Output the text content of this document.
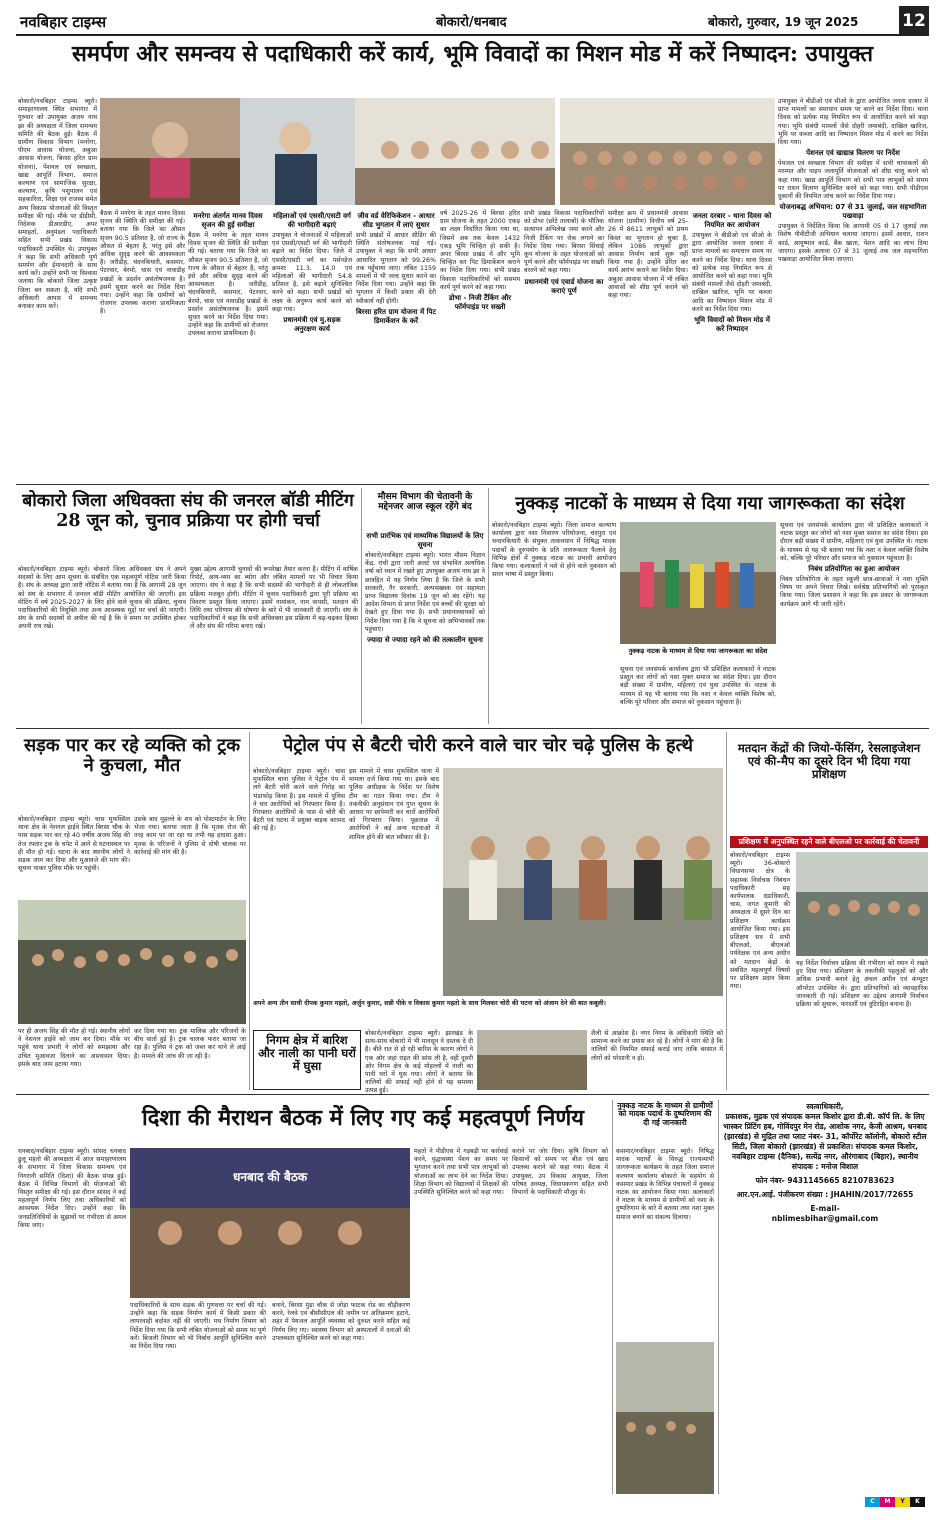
नवबिहार टाइम्स	बोकारो/धनबाद	बोकारो, गुरुवार, 19 जून 2025	12
समर्पण और समन्वय से पदाधिकारी करें कार्य, भूमि विवादों का मिशन मोड में करें निष्पादन: उपायुक्त

बोकारो/नवबिहार टाइम्स ब्यूरो। समाहरणालय स्थित सभागार में गुरुवार को उपायुक्त अजय नाथ झा की अध्यक्षता में जिला समन्वय समिति की बैठक हुई। बैठक में ग्रामीण विकास विभाग (मनरेगा, पीएम आवास योजना, अबुआ आवास योजना, बिरसा हरित ग्राम योजना), पेंशनल एवं स्वच्छता, खाद्य आपूर्ति विभाग, समाज कल्याण एवं सामाजिक सुरक्षा, कल्याण, कृषि पशुपालन एवं सहकारिता, शिक्षा एवं राजस्व समेत अन्य विकास योजनाओं की विस्तृत समीक्षा की गई। मौके पर डीडीसी, निदेशक डीआरडीए, अपर समाहर्ता, अनुमंडल पदाधिकारी सहित सभी प्रखंड विकास पदाधिकारी उपस्थित थे। उपायुक्त ने कहा कि सभी अधिकारी पूर्ण समर्पण और ईमानदारी के साथ कार्य करें। उन्होंने सभी पर विश्वास जताया कि बोकारो जिला उत्कृष्ट जिला बन सकता है, यदि सभी अधिकारी आपस में समन्वय बनाकर काम करें।

बैठक में मनरेगा के तहत मानव दिवस सृजन की स्थिति की समीक्षा की गई। बताया गया कि जिले का औसत सृजन 90.5 प्रतिशत है, जो राज्य के औसत से बेहतर है, परंतु इसे और अधिक सुदृढ़ करने की आवश्यकता है। जरीडीह, चंदनकियारी, कसमार, पेटरवार, बेरमो, चास एवं नावाडीह प्रखंडों के प्रदर्शन असंतोषजनक है। इसमें सुधार करने का निर्देश दिया गया। उन्होंने कहा कि ग्रामीणों को रोजगार उपलब्ध कराना प्राथमिकता है।

मनरेगा अंतर्गत मानव दिवस सृजन की हुई समीक्षा

बैठक में मनरेगा के तहत मानव दिवस सृजन की स्थिति की समीक्षा की गई। बताया गया कि जिले का औसत सृजन 90.5 प्रतिशत है, जो राज्य के औसत से बेहतर है, परंतु इसे और अधिक सुदृढ़ करने की आवश्यकता है। जरीडीह, चंदनकियारी, कसमार, पेटरवार, बेरमो, चास एवं नावाडीह प्रखंडों के प्रदर्शन असंतोषजनक है। इसमें सुधार करने का निर्देश दिया गया। उन्होंने कहा कि ग्रामीणों को रोजगार उपलब्ध कराना प्राथमिकता है।

महिलाओं एवं एससी/एसटी वर्ग की भागीदारी बढ़ाएं

उपायुक्त ने योजनाओं में महिलाओं एवं एससी/एसटी वर्ग की भागीदारी बढ़ाने का निर्देश दिया। जिले में एससी/एसटी वर्ग का पर्सनडेज क्रमशः 11.3, 14.0 एवं महिलाओं की भागीदारी 54.8 प्रतिशत है, इसे बढ़ाने सुनिश्चित करने को कहा। सभी प्रखंडों को लक्ष्य के अनुरूप कार्य करने को कहा गया।

प्रधानमंत्री एवं मु.सड़क अनुरक्षण कार्य

जीव वर्ड वेरिफिकेशन - आधार सीड भुगतान में लाएं सुधार

सभी प्रखंडों में आधार सीडिंग की स्थिति संतोषजनक पाई गई। उपायुक्त ने कहा कि सभी आधार आधारित भुगतान को 99.26% तक पहुँचाया जाए। लंबित 1159 मामलों में भी जल्द सुधार करने का निर्देश दिया गया। उन्होंने कहा कि भुगतान में किसी प्रकार की देरी स्वीकार्य नहीं होगी।

बिरसा हरित ग्राम योजना में पिट डिमार्केशन के करें

वर्ष 2025-26 में बिरसा हरित ग्राम योजना के तहत 2000 एकड़ का लक्ष्य निर्धारित किया गया था, जिसमें अब तक केवल 1432 एकड़ भूमि चिन्हित हो सकी है। अपर बिरसा प्रखंड में और भूमि चिन्हित कर पिट डिमार्केशन कराने का निर्देश दिया गया। सभी प्रखंड विकास पदाधिकारियों को ससमय कार्य पूर्ण करने को कहा गया।

डोभा - निजी टैंकिंग और फॉर्मपाइंड पर सख्ती

सभी प्रखंड विकास पदाधिकारियों को डोभा (छोटे तालाबों) के भौतिक सत्यापन अभिलेख जमा करने और निजी टैंकिंग पर रोक लगाने का निर्देश दिया गया। बिरसा सिंचाई कूप योजना के तहत योजनाओं को पूर्ण करने और फॉर्मपाइंड पर सख्ती बरतने को कहा गया।

प्रधानमंत्री एवं एवार्ड योजना का कराएं पूर्ण

समीक्षा क्रम में प्रधानमंत्री आवास योजना (ग्रामीण) वित्तीय वर्ष 25-26 में 8611 लाभुकों को प्रथम किस्त का भुगतान हो चुका है, लेकिन 1086 लाभुकों द्वारा आवास निर्माण कार्य शुरू नहीं किया गया है। उन्होंने प्रेरित कर कार्य आरंभ कराने का निर्देश दिया। अबुआ आवास योजना में भी लंबित आवासों को शीघ्र पूर्ण कराने को कहा गया।

जनता दरबार - थाना दिवस को नियमित कर आयोजन

उपायुक्त ने बीडीओ एवं सीओ के द्वारा आयोजित जनता दरबार में प्राप्त मामलों का समाधान समय पर करने का निर्देश दिया। थाना दिवस को प्रत्येक माह नियमित रूप से आयोजित करने को कहा गया। भूमि संबंधी मामलों जैसे दोहरी जमाबंदी, दाखिल खारिज, भूमि पर कब्जा आदि का निष्पादन मिशन मोड में करने का निर्देश दिया गया।

भूमि विवादों को मिशन मोड में करें निष्पादन

उपायुक्त ने बीडीओ एवं सीओ के द्वारा आयोजित जनता दरबार में प्राप्त मामलों का समाधान समय पर करने का निर्देश दिया। थाना दिवस को प्रत्येक माह नियमित रूप से आयोजित करने को कहा गया। भूमि संबंधी मामलों जैसे दोहरी जमाबंदी, दाखिल खारिज, भूमि पर कब्जा आदि का निष्पादन मिशन मोड में करने का निर्देश दिया गया।

पेंशनल एवं खाद्यान्न वितरण पर निर्देश

पेयजल एवं स्वच्छता विभाग की समीक्षा में सभी चापाकलों की मरम्मत और पाइप जलापूर्ति योजनाओं को शीघ्र चालू करने को कहा गया। खाद्य आपूर्ति विभाग को सभी पात्र लाभुकों को समय पर राशन वितरण सुनिश्चित करने को कहा गया। सभी पीडीएस दुकानों की नियमित जांच करने का निर्देश दिया गया।

योजनाबद्ध अभियान: 07 से 31 जुलाई, जल सहभागिता पखवाड़ा

उपायुक्त ने निर्देशित किया कि आगामी 05 से 17 जुलाई तक विशेष पीवीटीजी अभियान चलाया जाएगा। इसमें आधार, राशन कार्ड, आयुष्मान कार्ड, बैंक खाता, पेंशन आदि का लाभ दिया जाएगा। इसके अलावा 07 से 31 जुलाई तक जल सहभागिता पखवाड़ा आयोजित किया जाएगा।

बोकारो जिला अधिवक्ता संघ की जनरल बॉडी मीटिंग 28 जून को, चुनाव प्रक्रिया पर होगी चर्चा

बोकारो/नवबिहार टाइम्स ब्यूरो। बोकारो जिला अधिवक्ता संघ ने अपने सदस्यों के लिए आम सूचना के संबंधित एक महत्वपूर्ण नोटिस जारी किया है। संघ के अध्यक्ष द्वारा जारी नोटिस में बताया गया है कि आगामी 28 जून को संघ के सभागार में जनरल बॉडी मीटिंग आयोजित की जाएगी। इस मीटिंग में वर्ष 2025-2027 के लिए होने वाले चुनाव की प्रक्रिया, चुनाव पदाधिकारियों की नियुक्ति तथा अन्य आवश्यक मुद्दों पर चर्चा की जाएगी। संघ के सभी सदस्यों से अपील की गई है कि वे समय पर उपस्थित होकर अपनी राय रखें।

मुख्य उद्देश्य आगामी चुनावों की रूपरेखा तैयार करना है। मीटिंग में वार्षिक रिपोर्ट, आय-व्यय का ब्योरा और लंबित मामलों पर भी विचार किया जाएगा। संघ ने कहा है कि सभी सदस्यों की भागीदारी से ही लोकतांत्रिक प्रक्रिया मजबूत होगी। मीटिंग में चुनाव पदाधिकारी द्वारा पूरी प्रक्रिया का विवरण प्रस्तुत किया जाएगा। इसमें नामांकन, नाम वापसी, मतदान की तिथि तथा परिणाम की घोषणा के बारे में भी जानकारी दी जाएगी। संघ के पदाधिकारियों ने कहा कि सभी अधिवक्ता इस प्रक्रिया में बढ़-चढ़कर हिस्सा लें और संघ की गरिमा बनाए रखें।

मौसम विभाग की चेतावनी के मद्देनजर आज स्कूल रहेंगे बंद

सभी प्रारंभिक एवं माध्यमिक विद्यालयों के लिए सूचना

बोकारो/नवबिहार टाइम्स ब्यूरो। भारत मौसम विज्ञान केंद्र, रांची द्वारा जारी अलर्ट एवं संभावित अत्यधिक वर्षा को ध्यान में रखते हुए उपायुक्त अजय नाथ झा ने छात्रहित में यह निर्णय लिया है कि जिले के सभी सरकारी, गैर सरकारी, अल्पसंख्यक एवं सहायता प्राप्त विद्यालय दिनांक 19 जून को बंद रहेंगे। यह आदेश विभाग से प्राप्त निर्देश एवं बच्चों की सुरक्षा को देखते हुए दिया गया है। सभी प्रधानाध्यापकों को निर्देश दिया गया है कि वे सूचना को अभिभावकों तक पहुंचाएं।

ज्यादा से ज्यादा रहने को की तत्कालीन सूचना

नुक्कड़ नाटकों के माध्यम से दिया गया जागरूकता का संदेश
नुक्कड़ नाटक के माध्यम से दिया गया जागरूकता का संदेश

बोकारो/नवबिहार टाइम्स ब्यूरो। जिला समाज कल्याण कार्यालय द्वारा नशा निवारण परियोजना, चंदपुरा एवं चन्दनकियारी के संयुक्त तत्वावधान में निषिद्ध मादक पदार्थों के दुरुपयोग के प्रति जागरूकता फैलाने हेतु विभिन्न क्षेत्रों में नुक्कड़ नाटक का प्रभावी आयोजन किया गया। कलाकारों ने नशे से होने वाले नुकसान को सरल भाषा में प्रस्तुत किया।

सूचना एवं जनसंपर्क कार्यालय द्वारा भी प्रशिक्षित कलाकारों ने नाटक प्रस्तुत कर लोगों को नशा मुक्त समाज का संदेश दिया। इस दौरान बड़ी संख्या में ग्रामीण, महिलाएं एवं युवा उपस्थित थे। नाटक के माध्यम से यह भी बताया गया कि नशा न केवल व्यक्ति विशेष को, बल्कि पूरे परिवार और समाज को नुकसान पहुंचाता है।

सूचना एवं जनसंपर्क कार्यालय द्वारा भी प्रशिक्षित कलाकारों ने नाटक प्रस्तुत कर लोगों को नशा मुक्त समाज का संदेश दिया। इस दौरान बड़ी संख्या में ग्रामीण, महिलाएं एवं युवा उपस्थित थे। नाटक के माध्यम से यह भी बताया गया कि नशा न केवल व्यक्ति विशेष को, बल्कि पूरे परिवार और समाज को नुकसान पहुंचाता है।

निबंध प्रतियोगिता का हुआ आयोजन

निबंध प्रतियोगिता के तहत स्कूली छात्र-छात्राओं ने नशा मुक्ति विषय पर अपने विचार लिखे। सर्वश्रेष्ठ प्रतिभागियों को पुरस्कृत किया गया। जिला प्रशासन ने कहा कि इस प्रकार के जागरूकता कार्यक्रम आगे भी जारी रहेंगे।

सड़क पार कर रहे व्यक्ति को ट्रक ने कुचला, मौत

बोकारो/नवबिहार टाइम्स ब्यूरो। चास मुफस्सिल थाना क्षेत्र के नेशनल हाईवे स्थित बिरसा चौक के पास सड़क पार कर रहे 40 वर्षीय अजय सिंह की तेज रफ्तार ट्रक के चपेट में आने से घटनास्थल पर ही मौत हो गई। घटना के बाद स्थानीय लोगों ने सड़क जाम कर दिया और मुआवजे की मांग की। सूचना पाकर पुलिस मौके पर पहुंची।

उसके बाद मुहल्ले के शव को पोस्टमार्टम के लिए भेजा गया। बताया जाता है कि मृतक रोज की तरह काम पर जा रहा था तभी यह हादसा हुआ। मृतक के परिजनों ने पुलिस से दोषी चालक पर कार्रवाई की मांग की है।

पर ही अजय सिंह की मौत हो गई। स्थानीय लोगों ने नेशनल हाईवे को जाम कर दिया। मौके पर पहुंचे थाना प्रभारी ने लोगों को समझाया और उचित मुआवजा दिलाने का आश्वासन दिया। इसके बाद जाम हटाया गया।

कर दिया गया था। ट्रक मालिक और परिजनों के बीच वार्ता हुई है। ट्रक चालक फरार बताया जा रहा है। पुलिस ने ट्रक को जब्त कर थाने ले आई है। मामले की जांच की जा रही है।

पेट्रोल पंप से बैटरी चोरी करने वाले चार चोर चढ़े पुलिस के हत्थे

बोकारो/नवबिहार टाइम्स ब्यूरो। चास मुफस्सिल थाना पुलिस ने पेट्रोल पंप में लगे बैटरी चोरी करने वाले गिरोह का भंडाफोड़ किया है। इस मामले में पुलिस ने चार आरोपियों को गिरफ्तार किया है। गिरफ्तार आरोपियों के पास से चोरी की बैटरी एवं घटना में प्रयुक्त बाइक बरामद की गई है।

इस मामले में चास मुफस्सिल थाना में मामला दर्ज किया गया था। इसके बाद पुलिस अधीक्षक के निर्देश पर विशेष टीम का गठन किया गया। टीम ने तकनीकी अनुसंधान एवं गुप्त सूचना के आधार पर छापेमारी कर चारों आरोपियों को गिरफ्तार किया। पूछताछ में आरोपियों ने कई अन्य घटनाओं में शामिल होने की बात स्वीकार की है।

अपने अन्य तीन साथी दीपक कुमार महतो, अर्जुन कुमार, सन्नी पीके व विकास कुमार महतो के साथ मिलकर चोरी की घटना को अंजाम देने की बात कबूली।
मतदान केंद्रों की जियो-फेंसिंग, रेसलाइजेशन एवं की-मैप का दूसरे दिन भी दिया गया प्रशिक्षण
प्रशिक्षण में अनुपस्थित रहने वाले बीएलओ पर कार्रवाई की चेतावनी

बोकारो/नवबिहार टाइम्स ब्यूरो। 36-बोकारो विधानसभा क्षेत्र के सहायक निर्वाचक निबंधन पदाधिकारी सह कार्यपालक दंडाधिकारी, चास, जगत कुमारी की अध्यक्षता में दूसरे दिन का प्रशिक्षण कार्यक्रम आयोजित किया गया। इस प्रशिक्षण सत्र में सभी बीएलओ, बीएलओ पर्यवेक्षक एवं अन्य अधीन को मतदान केंद्रों के संबंधित महत्वपूर्ण विषयों पर प्रशिक्षण प्रदान किया गया।

यह निर्देश निर्वाचन प्रक्रिया की गंभीरता को ध्यान में रखते हुए दिया गया। प्रशिक्षण के तकनीकी पहलुओं को और अधिक प्रभावी बनाने हेतु अंचल अमीन एवं कंप्यूटर ऑपरेटर उपस्थित थे। द्वारा प्रतिभागियों को व्यावहारिक जानकारी दी गई। प्रशिक्षण का उद्देश्य आगामी निर्वाचन प्रक्रिया को सुचारू, पारदर्शी एवं त्रुटिरहित बनाना है।

निगम क्षेत्र में बारिश और नाली का पानी घरों में घुसा

बोकारो/नवबिहार टाइम्स ब्यूरो। झारखंड के साथ-साथ बोकारो में भी मानसून ने दस्तक दे दी है। बीते रात से हो रही बारिश के कारण लोगों ने एक ओर जहां राहत की सांस ली है, वहीं दूसरी ओर निगम क्षेत्र के कई मोहल्लों में नाली का पानी घरों में घुस गया। लोगों ने बताया कि नालियों की सफाई नहीं होने से यह समस्या उत्पन्न हुई।

शैली से आक्रोश है। नगर निगम के अधिकारी स्थिति को सामान्य करने का प्रयास कर रहे हैं। लोगों ने मांग की है कि नालियों की नियमित सफाई कराई जाए ताकि बरसात में लोगों को परेशानी न हो।

दिशा की मैराथन बैठक में लिए गए कई महत्वपूर्ण निर्णय

धनबाद/नवबिहार टाइम्स ब्यूरो। सांसद धनबाद ढुलू महतो की अध्यक्षता में आज समाहरणालय के सभागार में जिला विकास समन्वय एवं निगरानी समिति (दिशा) की बैठक संपन्न हुई। बैठक में विभिन्न विभागों की योजनाओं की विस्तृत समीक्षा की गई। इस दौरान सांसद ने कई महत्वपूर्ण निर्णय लिए तथा अधिकारियों को आवश्यक निर्देश दिए। उन्होंने कहा कि जनप्रतिनिधियों के सुझावों पर गंभीरता से अमल किया जाए।

धनबाद की बैठक

पदाधिकारियों के साथ सड़क की गुणवत्ता पर चर्चा की गई। उन्होंने कहा कि सड़क निर्माण कार्य में किसी प्रकार की लापरवाही बर्दाश्त नहीं की जाएगी। पथ निर्माण विभाग को निर्देश दिया गया कि सभी लंबित योजनाओं को समय पर पूर्ण करें। बिजली विभाग को भी निर्बाध आपूर्ति सुनिश्चित करने का निर्देश दिया गया।

बनाने, बिरसा मुंडा चौक से जोड़ा फाटक रोड का चौड़ीकरण करने, रेलवे एवं बीसीसीएल की जमीन पर अतिक्रमण हटाने, शहर में पेयजल आपूर्ति व्यवस्था को दुरुस्त करने सहित कई निर्णय लिए गए। स्वास्थ्य विभाग को अस्पतालों में दवाओं की उपलब्धता सुनिश्चित करने को कहा गया।

महतो ने पीडीएस में गड़बड़ी पर कार्रवाई करने, वृद्धावस्था पेंशन का समय पर भुगतान करने तथा सभी पात्र लाभुकों को योजनाओं का लाभ देने का निर्देश दिया। शिक्षा विभाग को विद्यालयों में शिक्षकों की उपस्थिति सुनिश्चित करने को कहा गया।

कराने पर जोर दिया। कृषि विभाग को किसानों को समय पर बीज एवं खाद उपलब्ध कराने को कहा गया। बैठक में उपायुक्त, उप विकास आयुक्त, जिला परिषद अध्यक्ष, विधायकगण सहित सभी विभागों के पदाधिकारी मौजूद थे।

नुक्कड़ नाटक के माध्यम से ग्रामीणों को मादक पदार्थ के दुष्परिणाम की दी गई जानकारी

कसमार/नवबिहार टाइम्स ब्यूरो। निषिद्ध मादक पदार्थों के विरुद्ध राज्यव्यापी जागरूकता कार्यक्रम के तहत जिला समाज कल्याण कार्यालय बोकारो के सहयोग से कसमार प्रखंड के विभिन्न पंचायतों में नुक्कड़ नाटक का आयोजन किया गया। कलाकारों ने नाटक के माध्यम से ग्रामीणों को नशा के दुष्परिणाम के बारे में बताया तथा नशा मुक्त समाज बनाने का संकल्प दिलाया।

स्वत्वाधिकारी,
प्रकाशक, मुद्रक एवं संपादक कमल किशोर द्वारा डी.बी. कॉर्प लि. के लिए भास्कर प्रिंटिंग हब, गोविंदपुर मेन रोड, आशोक नगर, केजी आश्रम, धनबाद (झारखंड) से मुद्रित तथा प्लाट नंबर- 31, कॉर्पोरेट कॉलोनी, बोकारो स्टील सिटी, जिला बोकारो (झारखंड) से प्रकाशित। संपादक कमल किशोर, नवबिहार टाइम्स (दैनिक), सत्येंद्र नगर, औरंगाबाद (बिहार), स्थानीय संपादक : मनोज विशाल
फोन नंबर- 9431145665 8210783623
आर.एन.आई. पंजीकरण संख्या : JHAHIN/2017/72655
E-mail-
nblimesbihar@gmail.com
C	M	Y	K
